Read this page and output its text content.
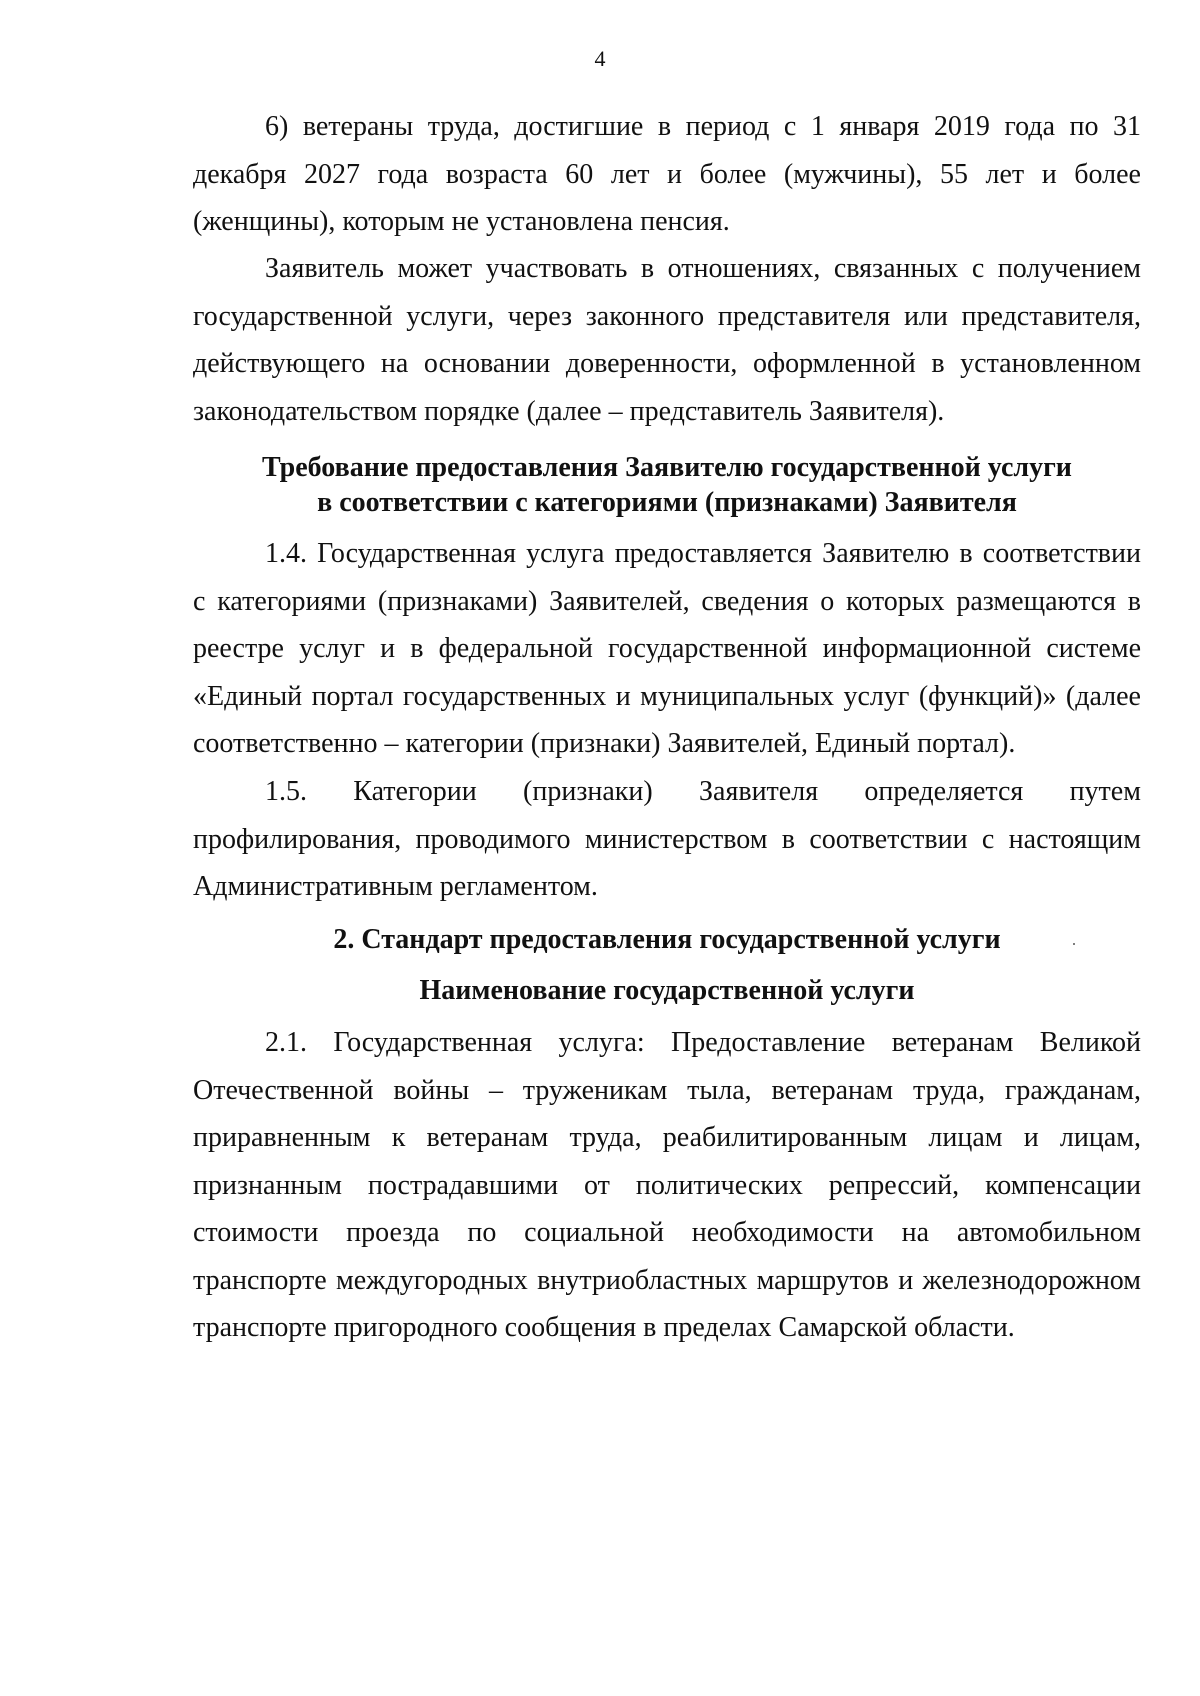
4

6) ветераны труда, достигшие в период с 1 января 2019 года по 31 декабря 2027 года возраста 60 лет и более (мужчины), 55 лет и более (женщины), которым не установлена пенсия.

Заявитель может участвовать в отношениях, связанных с получением государственной услуги, через законного представителя или представителя, действующего на основании доверенности, оформленной в установленном законодательством порядке (далее – представитель Заявителя).

Требование предоставления Заявителю государственной услуги
в соответствии с категориями (признаками) Заявителя

1.4. Государственная услуга предоставляется Заявителю в соответствии с категориями (признаками) Заявителей, сведения о которых размещаются в реестре услуг и в федеральной государственной информационной системе «Единый портал государственных и муниципальных услуг (функций)» (далее соответственно – категории (признаки) Заявителей, Единый портал).

1.5. Категории (признаки) Заявителя определяется путем
профилирования, проводимого министерством в соответствии с настоящим Административным регламентом.
2. Стандарт предоставления государственной услуги
Наименование государственной услуги

2.1. Государственная услуга: Предоставление ветеранам Великой Отечественной войны – труженикам тыла, ветеранам труда, гражданам, приравненным к ветеранам труда, реабилитированным лицам и лицам, признанным пострадавшими от политических репрессий, компенсации стоимости проезда по социальной необходимости на автомобильном транспорте междугородных внутриобластных маршрутов и железнодорожном транспорте пригородного сообщения в пределах Самарской области.
